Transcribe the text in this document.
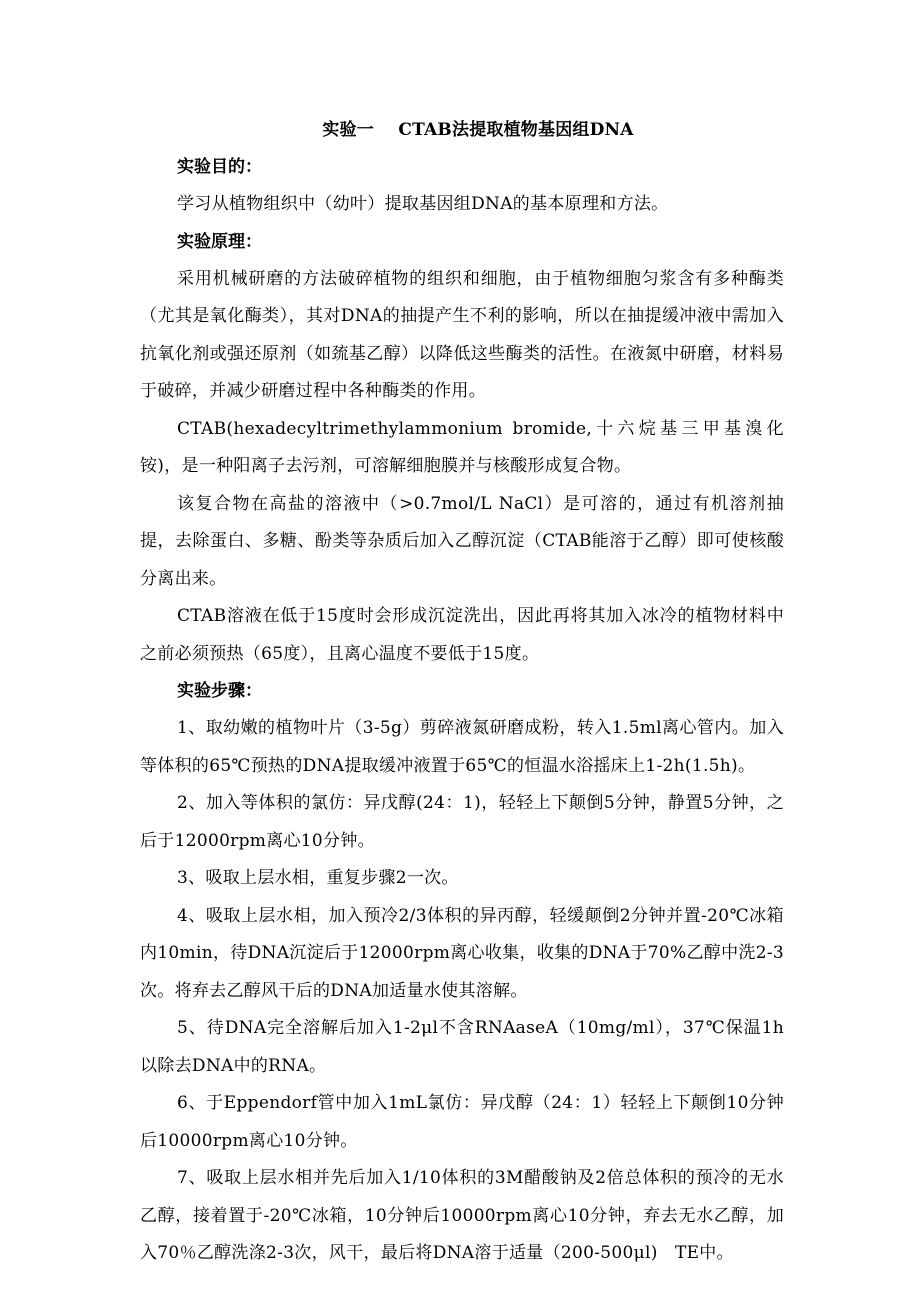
实验一    CTAB法提取植物基因组DNA

实验目的：

学习从植物组织中（幼叶）提取基因组DNA的基本原理和方法。

实验原理：

采用机械研磨的方法破碎植物的组织和细胞，由于植物细胞匀浆含有多种酶类（尤其是氧化酶类），其对DNA的抽提产生不利的影响，所以在抽提缓冲液中需加入抗氧化剂或强还原剂（如巯基乙醇）以降低这些酶类的活性。在液氮中研磨，材料易于破碎，并减少研磨过程中各种酶类的作用。

CTAB(hexadecyltrimethylammonium bromide,十六烷基三甲基溴化铵)，是一种阳离子去污剂，可溶解细胞膜并与核酸形成复合物。

该复合物在高盐的溶液中（>0.7mol/L NaCl）是可溶的，通过有机溶剂抽提，去除蛋白、多糖、酚类等杂质后加入乙醇沉淀（CTAB能溶于乙醇）即可使核酸分离出来。

CTAB溶液在低于15度时会形成沉淀洗出，因此再将其加入冰冷的植物材料中之前必须预热（65度），且离心温度不要低于15度。

实验步骤：

1、取幼嫩的植物叶片（3-5g）剪碎液氮研磨成粉，转入1.5ml离心管内。加入等体积的65℃预热的DNA提取缓冲液置于65℃的恒温水浴摇床上1-2h(1.5h)。

2、加入等体积的氯仿：异戊醇(24：1)，轻轻上下颠倒5分钟，静置5分钟，之后于12000rpm离心10分钟。

3、吸取上层水相，重复步骤2一次。

4、吸取上层水相，加入预冷2/3体积的异丙醇，轻缓颠倒2分钟并置-20℃冰箱内10min，待DNA沉淀后于12000rpm离心收集，收集的DNA于70%乙醇中洗2-3次。将弃去乙醇风干后的DNA加适量水使其溶解。

5、待DNA完全溶解后加入1-2μl不含RNAaseA（10mg/ml），37℃保温1h以除去DNA中的RNA。

6、于Eppendorf管中加入1mL氯仿：异戊醇（24：1）轻轻上下颠倒10分钟后10000rpm离心10分钟。

7、吸取上层水相并先后加入1/10体积的3M醋酸钠及2倍总体积的预冷的无水乙醇，接着置于-20℃冰箱，10分钟后10000rpm离心10分钟，弃去无水乙醇，加入70％乙醇洗涤2-3次，风干，最后将DNA溶于适量（200-500μl)　TE中。
